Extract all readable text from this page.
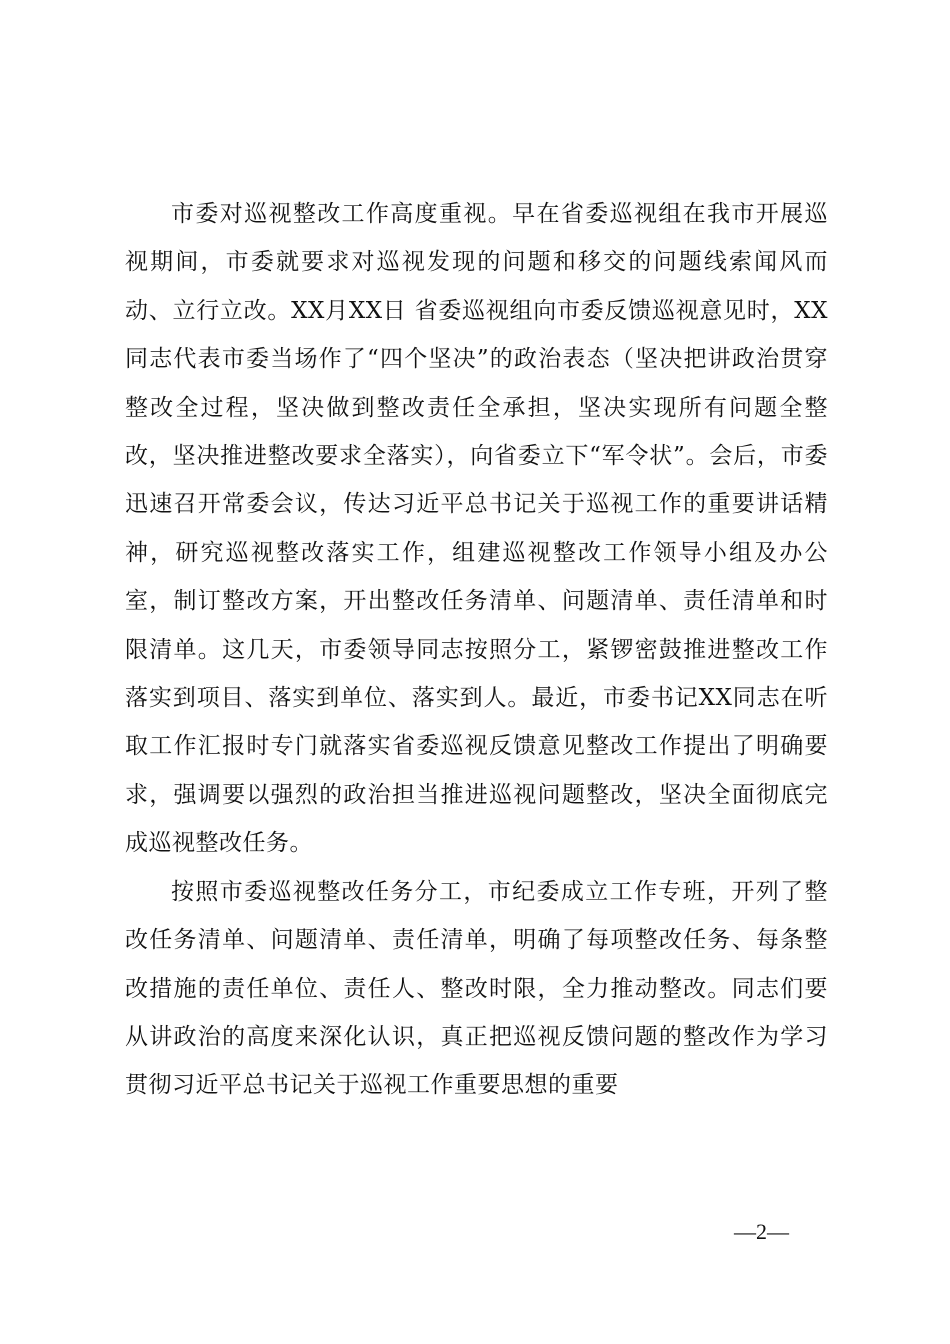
市委对巡视整改工作高度重视。早在省委巡视组在我市开展巡视期间，市委就要求对巡视发现的问题和移交的问题线索闻风而动、立行立改。XX月XX日 省委巡视组向市委反馈巡视意见时，XX同志代表市委当场作了“四个坚决”的政治表态（坚决把讲政治贯穿整改全过程，坚决做到整改责任全承担，坚决实现所有问题全整改，坚决推进整改要求全落实），向省委立下“军令状”。会后，市委迅速召开常委会议，传达习近平总书记关于巡视工作的重要讲话精神，研究巡视整改落实工作，组建巡视整改工作领导小组及办公室，制订整改方案，开出整改任务清单、问题清单、责任清单和时限清单。这几天，市委领导同志按照分工，紧锣密鼓推进整改工作落实到项目、落实到单位、落实到人。最近，市委书记XX同志在听取工作汇报时专门就落实省委巡视反馈意见整改工作提出了明确要求，强调要以强烈的政治担当推进巡视问题整改，坚决全面彻底完成巡视整改任务。

按照市委巡视整改任务分工，市纪委成立工作专班，开列了整改任务清单、问题清单、责任清单，明确了每项整改任务、每条整改措施的责任单位、责任人、整改时限，全力推动整改。同志们要从讲政治的高度来深化认识，真正把巡视反馈问题的整改作为学习贯彻习近平总书记关于巡视工作重要思想的重要

—2—
